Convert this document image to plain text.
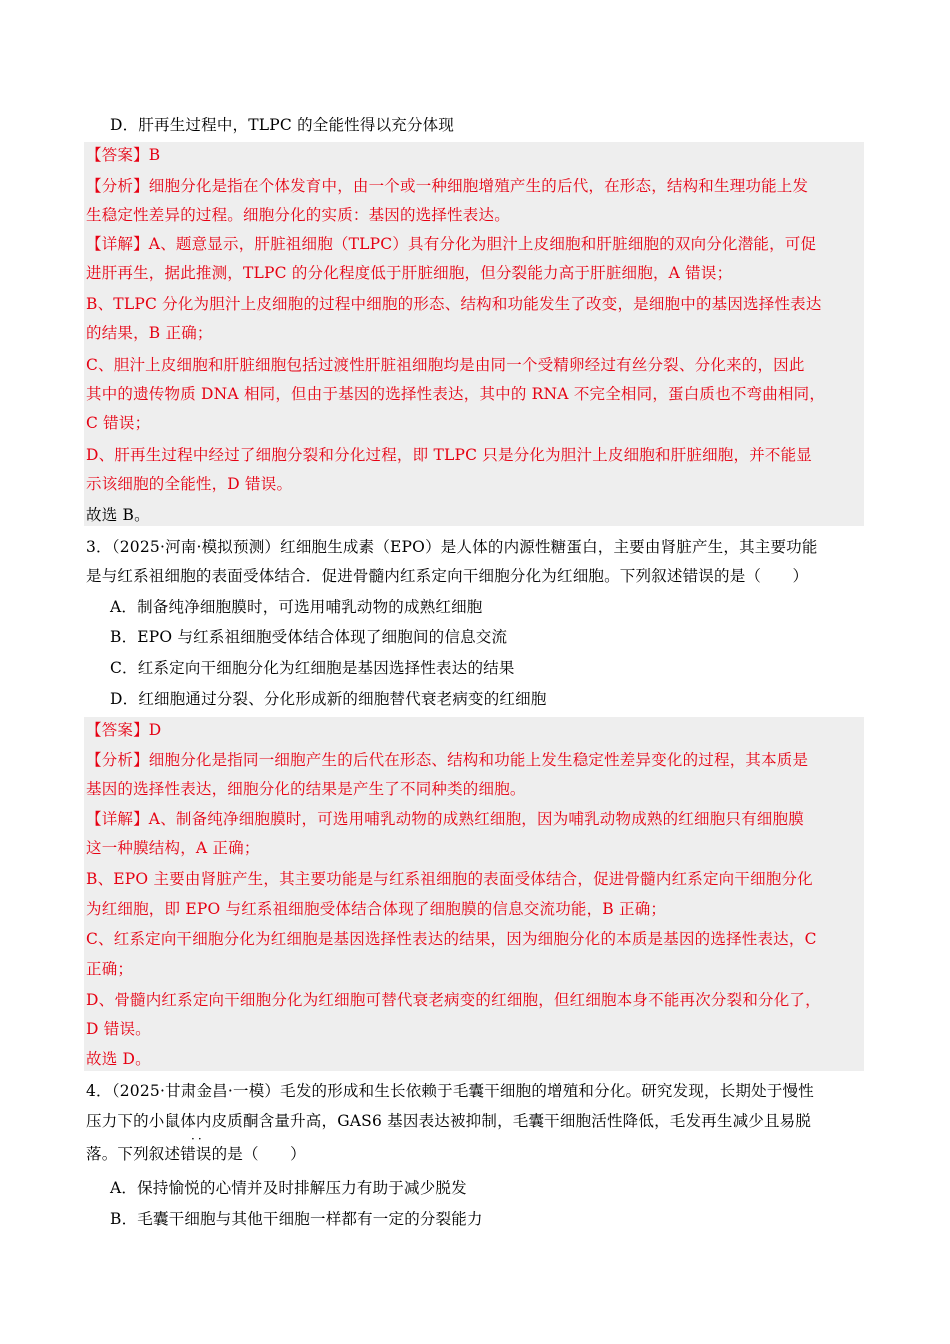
D．肝再生过程中，TLPC 的全能性得以充分体现
【答案】B
【分析】细胞分化是指在个体发育中，由一个或一种细胞增殖产生的后代，在形态，结构和生理功能上发
生稳定性差异的过程。细胞分化的实质：基因的选择性表达。
【详解】A、题意显示，肝脏祖细胞（TLPC）具有分化为胆汁上皮细胞和肝脏细胞的双向分化潜能，可促
进肝再生，据此推测，TLPC 的分化程度低于肝脏细胞，但分裂能力高于肝脏细胞，A 错误；
B、TLPC 分化为胆汁上皮细胞的过程中细胞的形态、结构和功能发生了改变，是细胞中的基因选择性表达
的结果，B 正确；
C、胆汁上皮细胞和肝脏细胞包括过渡性肝脏祖细胞均是由同一个受精卵经过有丝分裂、分化来的，因此
其中的遗传物质 DNA 相同，但由于基因的选择性表达，其中的 RNA 不完全相同，蛋白质也不弯曲相同，
C 错误；
D、肝再生过程中经过了细胞分裂和分化过程，即 TLPC 只是分化为胆汁上皮细胞和肝脏细胞，并不能显
示该细胞的全能性，D 错误。
故选 B。
3．（2025·河南·模拟预测）红细胞生成素（EPO）是人体的内源性糖蛋白，主要由肾脏产生，其主要功能
是与红系祖细胞的表面受体结合．促进骨髓内红系定向干细胞分化为红细胞。下列叙述错误的是（　　）
A．制备纯净细胞膜时，可选用哺乳动物的成熟红细胞
B．EPO 与红系祖细胞受体结合体现了细胞间的信息交流
C．红系定向干细胞分化为红细胞是基因选择性表达的结果
D．红细胞通过分裂、分化形成新的细胞替代衰老病变的红细胞
【答案】D
【分析】细胞分化是指同一细胞产生的后代在形态、结构和功能上发生稳定性差异变化的过程，其本质是
基因的选择性表达，细胞分化的结果是产生了不同种类的细胞。
【详解】A、制备纯净细胞膜时，可选用哺乳动物的成熟红细胞，因为哺乳动物成熟的红细胞只有细胞膜
这一种膜结构，A 正确；
B、EPO 主要由肾脏产生，其主要功能是与红系祖细胞的表面受体结合，促进骨髓内红系定向干细胞分化
为红细胞，即 EPO 与红系祖细胞受体结合体现了细胞膜的信息交流功能，B 正确；
C、红系定向干细胞分化为红细胞是基因选择性表达的结果，因为细胞分化的本质是基因的选择性表达，C
正确；
D、骨髓内红系定向干细胞分化为红细胞可替代衰老病变的红细胞，但红细胞本身不能再次分裂和分化了，
D 错误。
故选 D。
4．（2025·甘肃金昌·一模）毛发的形成和生长依赖于毛囊干细胞的增殖和分化。研究发现，长期处于慢性
压力下的小鼠体内皮质酮含量升高，GAS6 基因表达被抑制，毛囊干细胞活性降低，毛发再生减少且易脱
··
落。下列叙述错误的是（　　）
A．保持愉悦的心情并及时排解压力有助于减少脱发
B．毛囊干细胞与其他干细胞一样都有一定的分裂能力
